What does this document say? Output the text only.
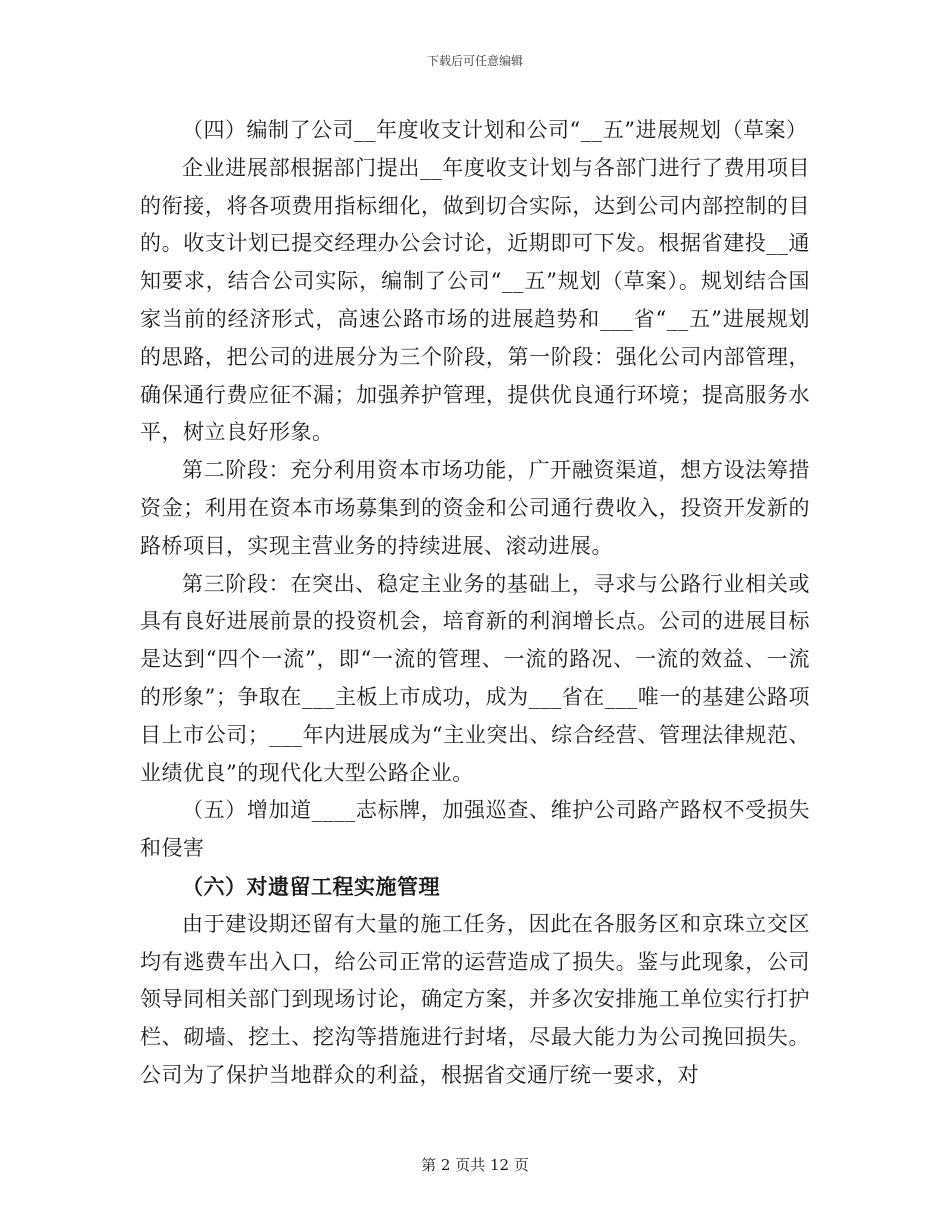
下载后可任意编辑

（四）编制了公司__年度收支计划和公司“__五”进展规划（草案）

企业进展部根据部门提出__年度收支计划与各部门进行了费用项目的衔接，将各项费用指标细化，做到切合实际，达到公司内部控制的目的。收支计划已提交经理办公会讨论，近期即可下发。根据省建投__通知要求，结合公司实际，编制了公司“__五”规划（草案）。规划结合国家当前的经济形式，高速公路市场的进展趋势和___省“__五”进展规划的思路，把公司的进展分为三个阶段，第一阶段：强化公司内部管理，确保通行费应征不漏；加强养护管理，提供优良通行环境；提高服务水平，树立良好形象。

第二阶段：充分利用资本市场功能，广开融资渠道，想方设法筹措资金；利用在资本市场募集到的资金和公司通行费收入，投资开发新的路桥项目，实现主营业务的持续进展、滚动进展。

第三阶段：在突出、稳定主业务的基础上，寻求与公路行业相关或具有良好进展前景的投资机会，培育新的利润增长点。公司的进展目标是达到“四个一流”，即“一流的管理、一流的路况、一流的效益、一流的形象”；争取在___主板上市成功，成为___省在___唯一的基建公路项目上市公司；___年内进展成为“主业突出、综合经营、管理法律规范、业绩优良”的现代化大型公路企业。

（五）增加道____志标牌，加强巡查、维护公司路产路权不受损失和侵害

（六）对遗留工程实施管理

由于建设期还留有大量的施工任务，因此在各服务区和京珠立交区均有逃费车出入口，给公司正常的运营造成了损失。鉴与此现象，公司领导同相关部门到现场讨论，确定方案，并多次安排施工单位实行打护栏、砌墙、挖土、挖沟等措施进行封堵，尽最大能力为公司挽回损失。公司为了保护当地群众的利益，根据省交通厅统一要求，对

第 2 页共 12 页
